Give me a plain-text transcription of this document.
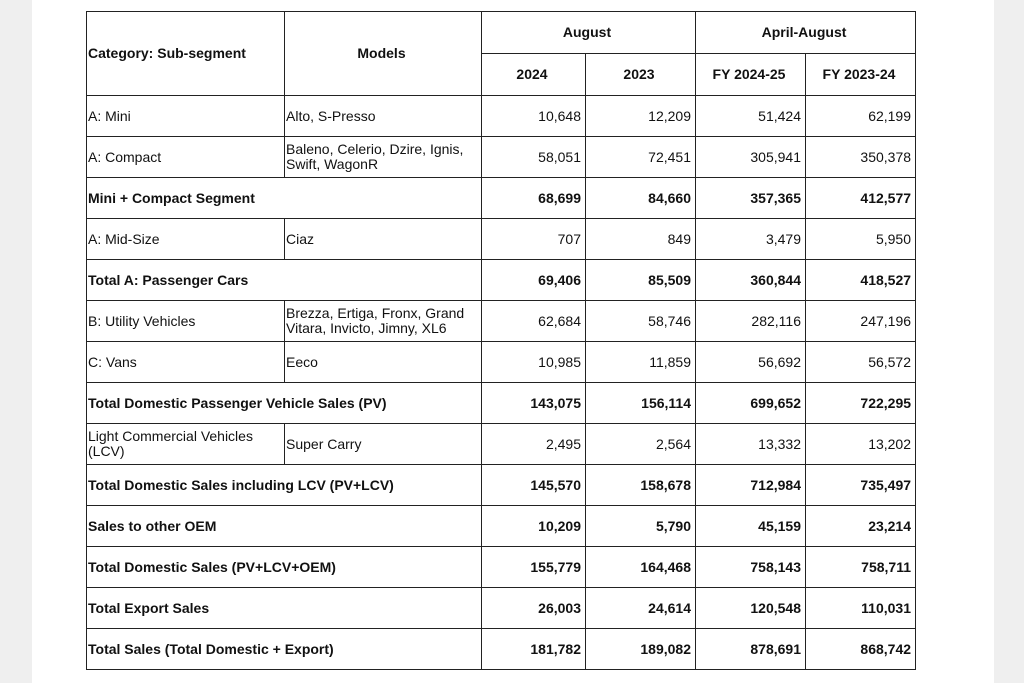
Category: Sub-segment	Models	August		April-August	
		2024	2023	FY 2024-25	FY 2023-24
A: Mini	Alto, S-Presso	10,648	12,209	51,424	62,199
A: Compact	Baleno, Celerio, Dzire, Ignis, Swift, WagonR	58,051	72,451	305,941	350,378
Mini + Compact Segment		68,699	84,660	357,365	412,577
A: Mid-Size	Ciaz	707	849	3,479	5,950
Total A: Passenger Cars		69,406	85,509	360,844	418,527
B: Utility Vehicles	Brezza, Ertiga, Fronx, Grand Vitara, Invicto, Jimny, XL6	62,684	58,746	282,116	247,196
C: Vans	Eeco	10,985	11,859	56,692	56,572
Total Domestic Passenger Vehicle Sales (PV)		143,075	156,114	699,652	722,295
Light Commercial Vehicles (LCV)	Super Carry	2,495	2,564	13,332	13,202
Total Domestic Sales including LCV (PV+LCV)		145,570	158,678	712,984	735,497
Sales to other OEM		10,209	5,790	45,159	23,214
Total Domestic Sales (PV+LCV+OEM)		155,779	164,468	758,143	758,711
Total Export Sales		26,003	24,614	120,548	110,031
Total Sales (Total Domestic + Export)		181,782	189,082	878,691	868,742
